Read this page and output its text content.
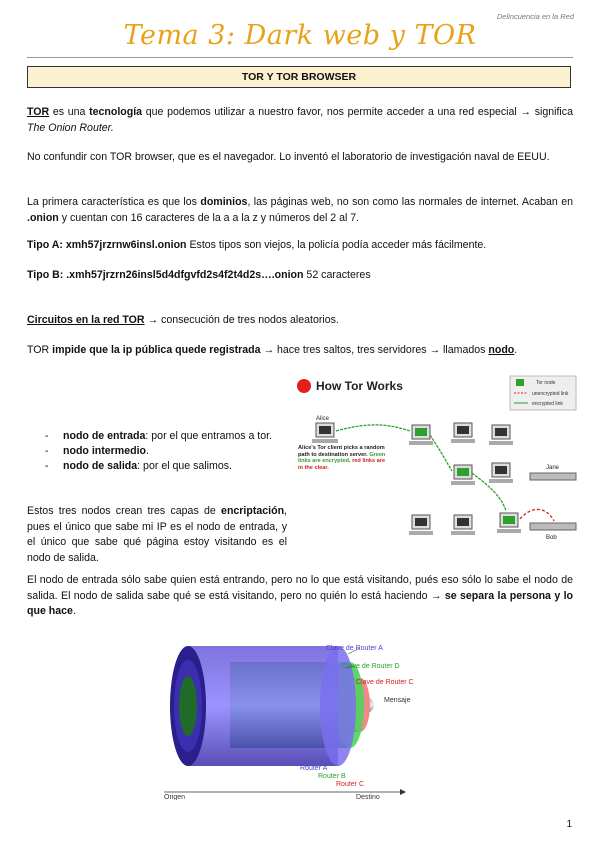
Delincuencia en la Red
Tema 3: Dark web y TOR
TOR Y TOR BROWSER
TOR es una tecnología que podemos utilizar a nuestro favor, nos permite acceder a una red especial → significa The Onion Router.
No confundir con TOR browser, que es el navegador. Lo inventó el laboratorio de investigación naval de EEUU.
La primera característica es que los dominios, las páginas web, no son como las normales de internet. Acaban en .onion y cuentan con 16 caracteres de la a a la z y números del 2 al 7.
Tipo A: xmh57jrzrnw6insl.onion Estos tipos son viejos, la policía podía acceder más fácilmente.
Tipo B: .xmh57jrzrn26insl5d4dfgvfd2s4f2t4d2s….onion 52 caracteres
Circuitos en la red TOR → consecución de tres nodos aleatorios.
TOR impide que la ip pública quede registrada → hace tres saltos, tres servidores → llamados nodo.
- nodo de entrada: por el que entramos a tor.
- nodo intermedio.
- nodo de salida: por el que salimos.
Estos tres nodos crean tres capas de encriptación, pues el único que sabe mi IP es el nodo de entrada, y el único que sabe qué página estoy visitando es el nodo de salida.
How Tor Works	Tor node
unencrypted link
encrypted link
Alice
Jane
Bob
Alice's Tor client picks a random path to destination server. Green links are encrypted, red links are in the clear.
El nodo de entrada sólo sabe quien está entrando, pero no lo que está visitando, pués eso sólo lo sabe el nodo de salida. El nodo de salida sabe qué se está visitando, pero no quién lo está haciendo → se separa la persona y lo que hace.
Clave de Router A
Clave de Router D
Clave de Router C
Mensaje
Router A
Router B
Router C
Origen	Destino
1
